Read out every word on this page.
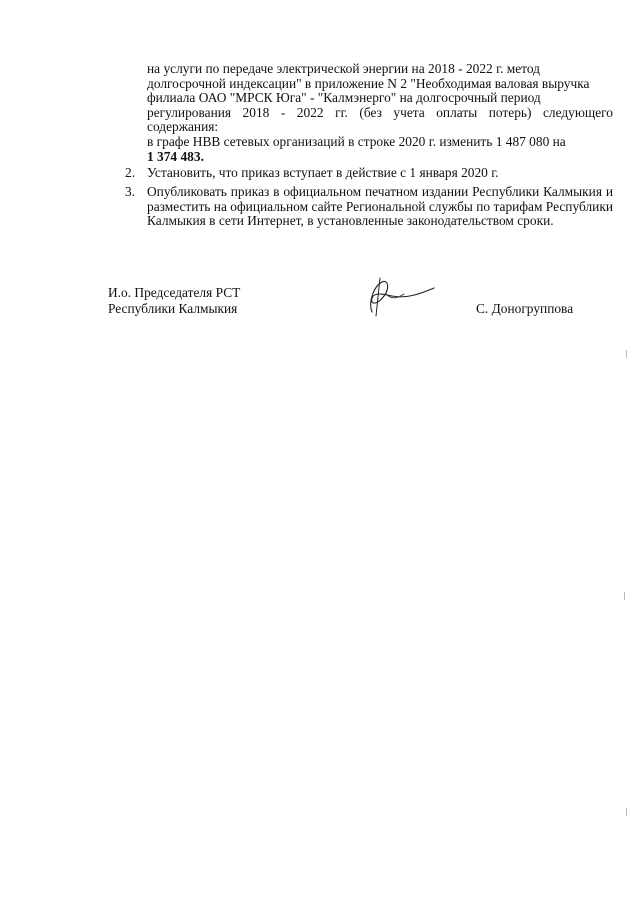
на услуги по передаче электрической энергии на 2018 - 2022 г. метод
долгосрочной индексации" в приложение N 2 "Необходимая валовая выручка
филиала ОАО "МРСК Юга" - "Калмэнерго" на долгосрочный период
регулирования 2018 - 2022 гг. (без учета оплаты потерь) следующего содержания:
в графе НВВ сетевых организаций в строке 2020 г. изменить 1 487 080 на
1 374 483.
2. Установить, что приказ вступает в действие с 1 января 2020 г.
3. Опубликовать приказ в официальном печатном издании Республики Калмыкия и разместить на официальном сайте Региональной службы по тарифам Республики Калмыкия в сети Интернет, в установленные законодательством сроки.
И.о. Председателя РСТ
Республики Калмыкия	С. Доногруппова
